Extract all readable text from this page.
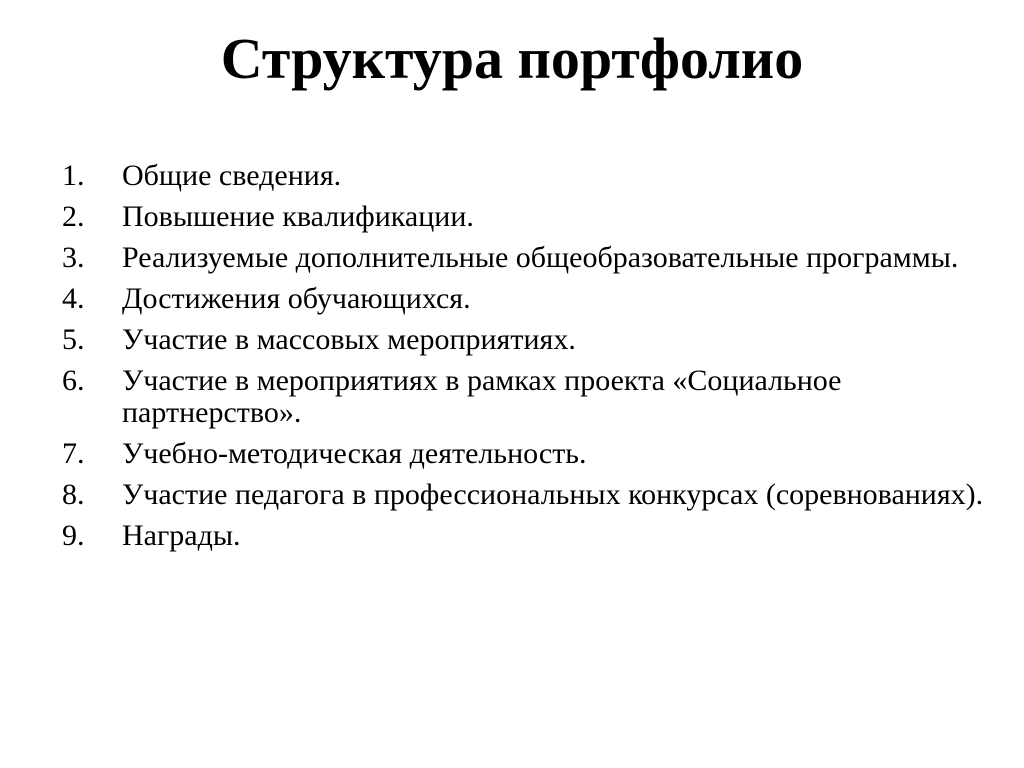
Структура портфолио
1.	Общие сведения.
2.	Повышение квалификации.
3.	Реализуемые дополнительные общеобразовательные программы.
4.	Достижения обучающихся.
5.	Участие в массовых мероприятиях.
6.	Участие в мероприятиях в рамках проекта «Социальное партнерство».
7.	Учебно-методическая деятельность.
8.	Участие педагога в профессиональных конкурсах (соревнованиях).
9.	Награды.
